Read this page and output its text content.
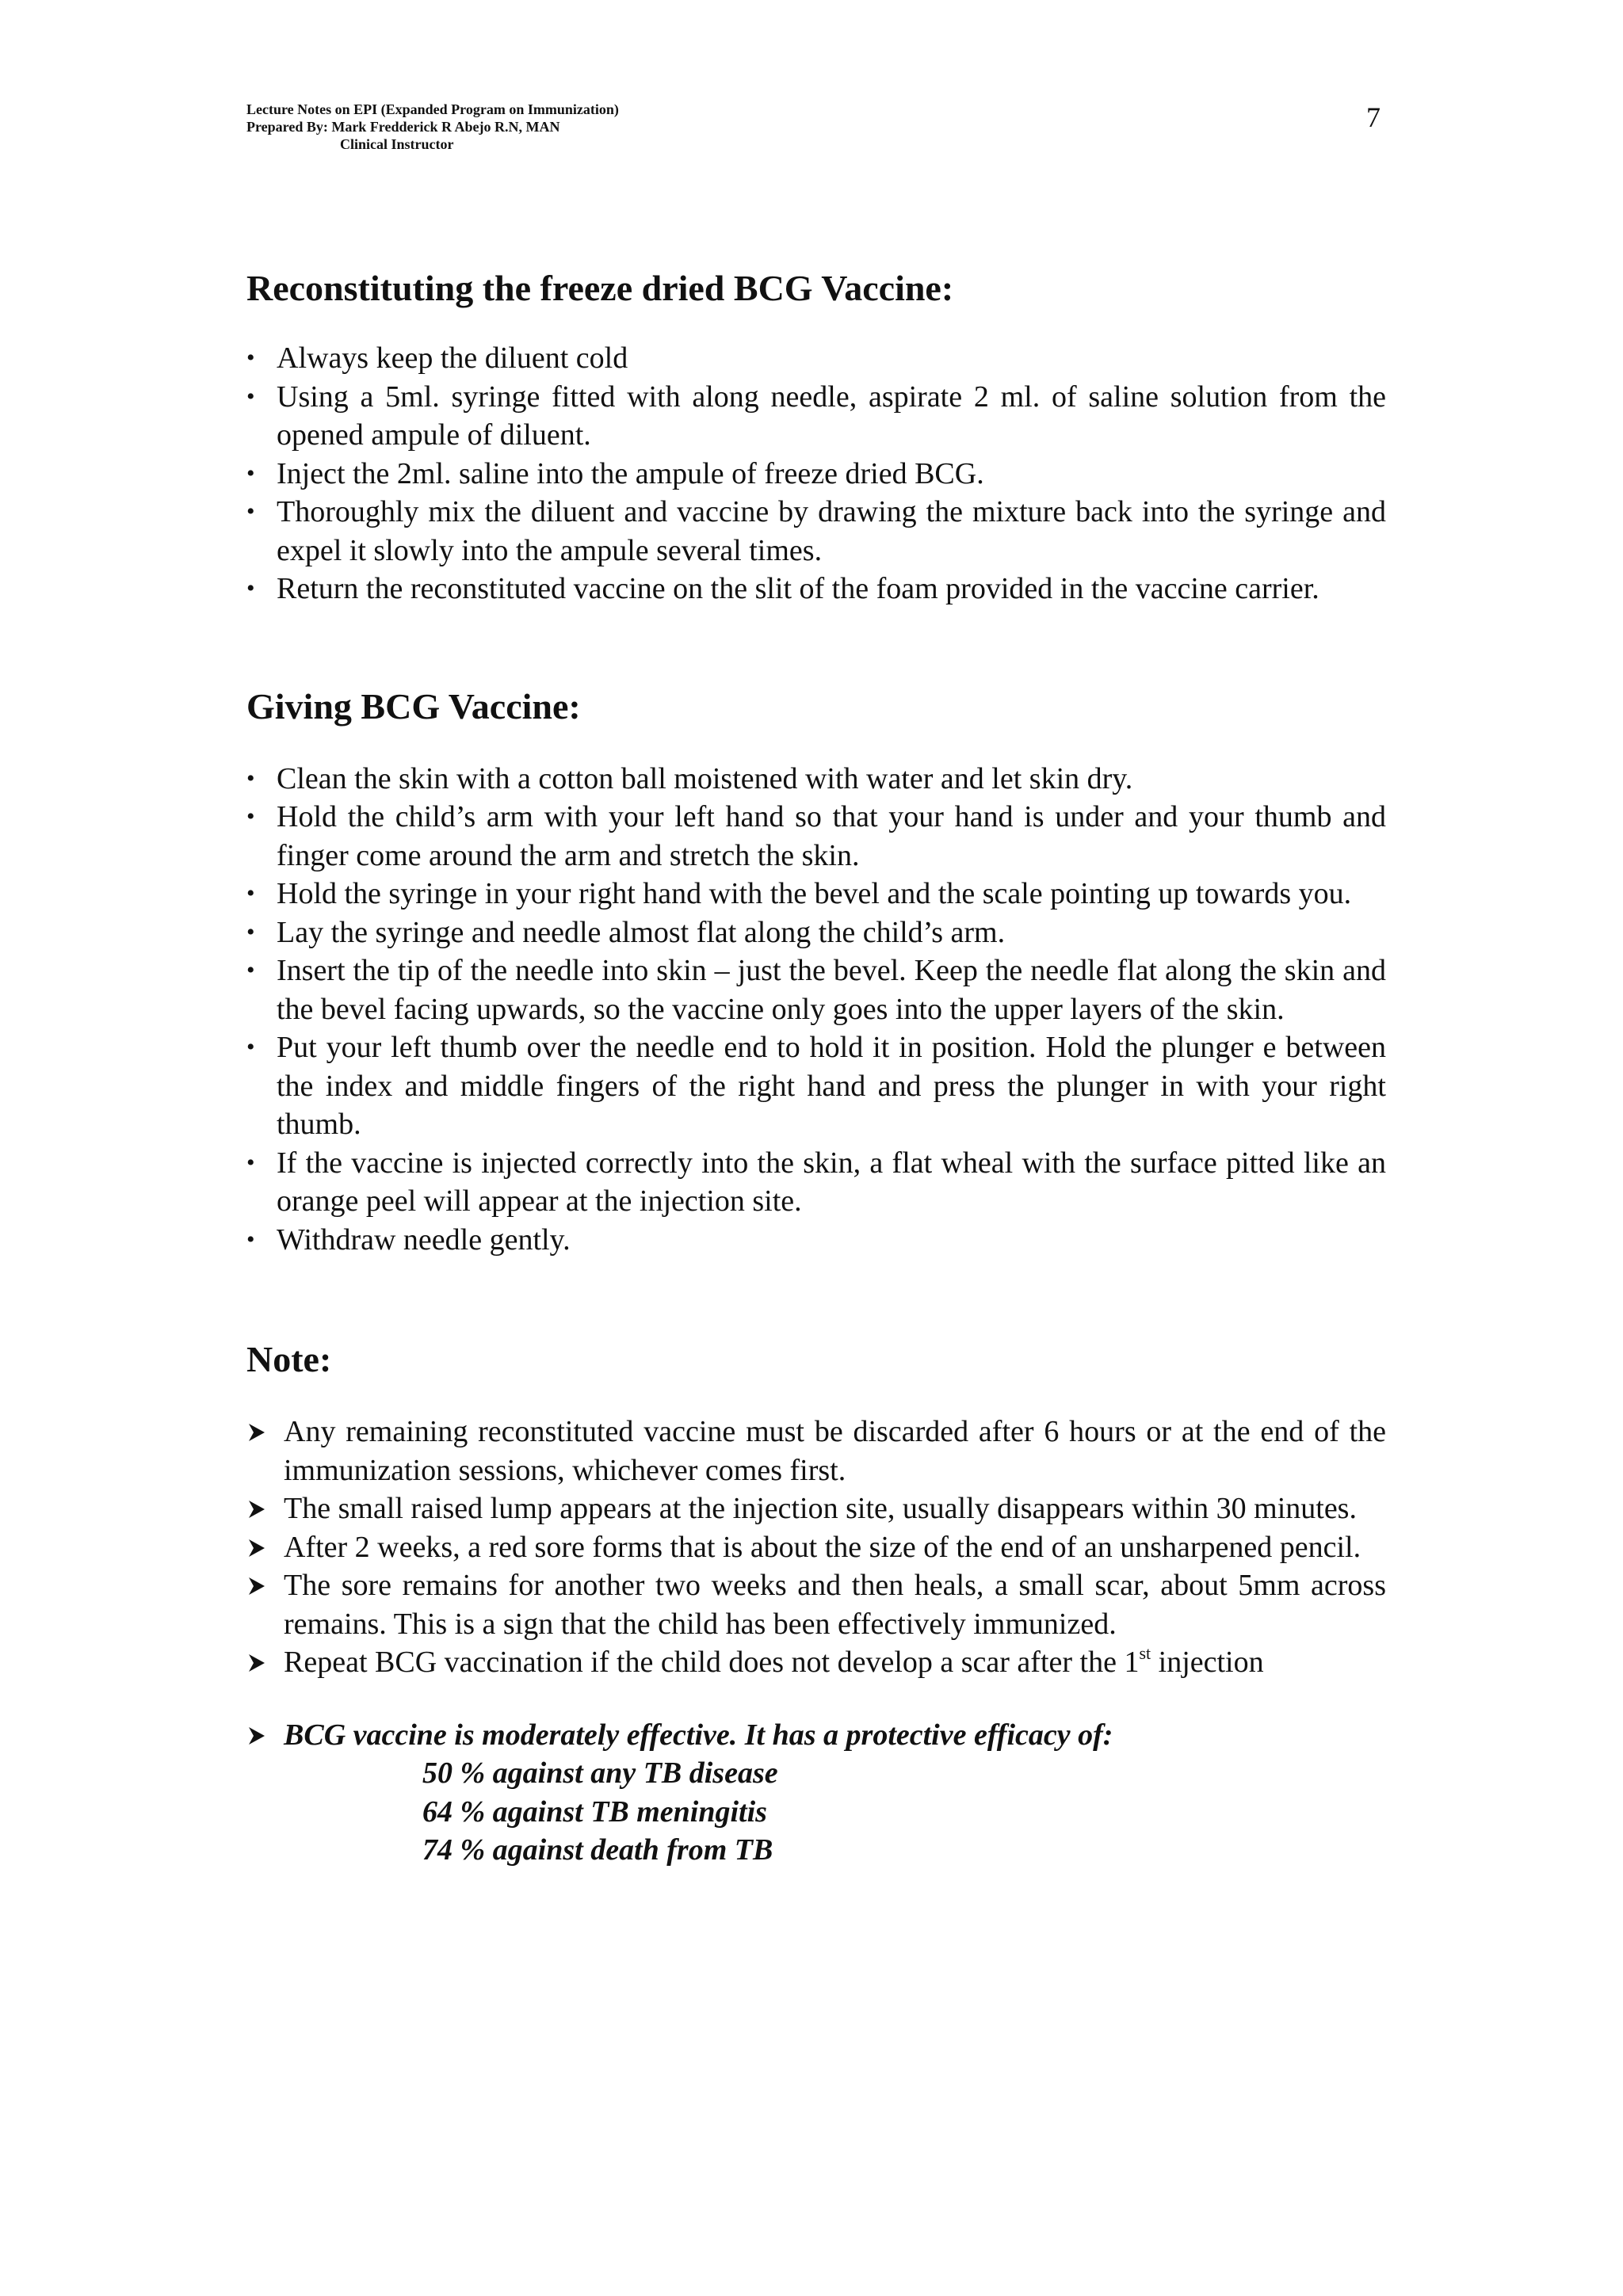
Lecture Notes on EPI (Expanded Program on Immunization)
Prepared By: Mark Fredderick R Abejo R.N, MAN
Clinical Instructor
7
Reconstituting the freeze dried BCG Vaccine:
• Always keep the diluent cold
• Using a 5ml. syringe fitted with along needle, aspirate 2 ml. of saline solution from the opened ampule of diluent.
• Inject the 2ml. saline into the ampule of freeze dried BCG.
• Thoroughly mix the diluent and vaccine by drawing the mixture back into the syringe and expel it slowly into the ampule several times.
• Return the reconstituted vaccine on the slit of the foam provided in the vaccine carrier.
Giving BCG Vaccine:
• Clean the skin with a cotton ball moistened with water and let skin dry.
• Hold the child’s arm with your left hand so that your hand is under and your thumb and finger come around the arm and stretch the skin.
• Hold the syringe in your right hand with the bevel and the scale pointing up towards you.
• Lay the syringe and needle almost flat along the child’s arm.
• Insert the tip of the needle into skin – just the bevel. Keep the needle flat along the skin and the bevel facing upwards, so the vaccine only goes into the upper layers of the skin.
• Put your left thumb over the needle end to hold it in position. Hold the plunger e between the index and middle fingers of the right hand and press the plunger in with your right thumb.
• If the vaccine is injected correctly into the skin, a flat wheal with the surface pitted like an orange peel will appear at the injection site.
• Withdraw needle gently.
Note:
Any remaining reconstituted vaccine must be discarded after 6 hours or at the end of the immunization sessions, whichever comes first.
The small raised lump appears at the injection site, usually disappears within 30 minutes.
After 2 weeks, a red sore forms that is about the size of the end of an unsharpened pencil.
The sore remains for another two weeks and then heals, a small scar, about 5mm across remains. This is a sign that the child has been effectively immunized.
Repeat BCG vaccination if the child does not develop a scar after the 1st injection
BCG vaccine is moderately effective. It has a protective efficacy of:
50 % against any TB disease
64 % against TB meningitis
74 % against death from TB
